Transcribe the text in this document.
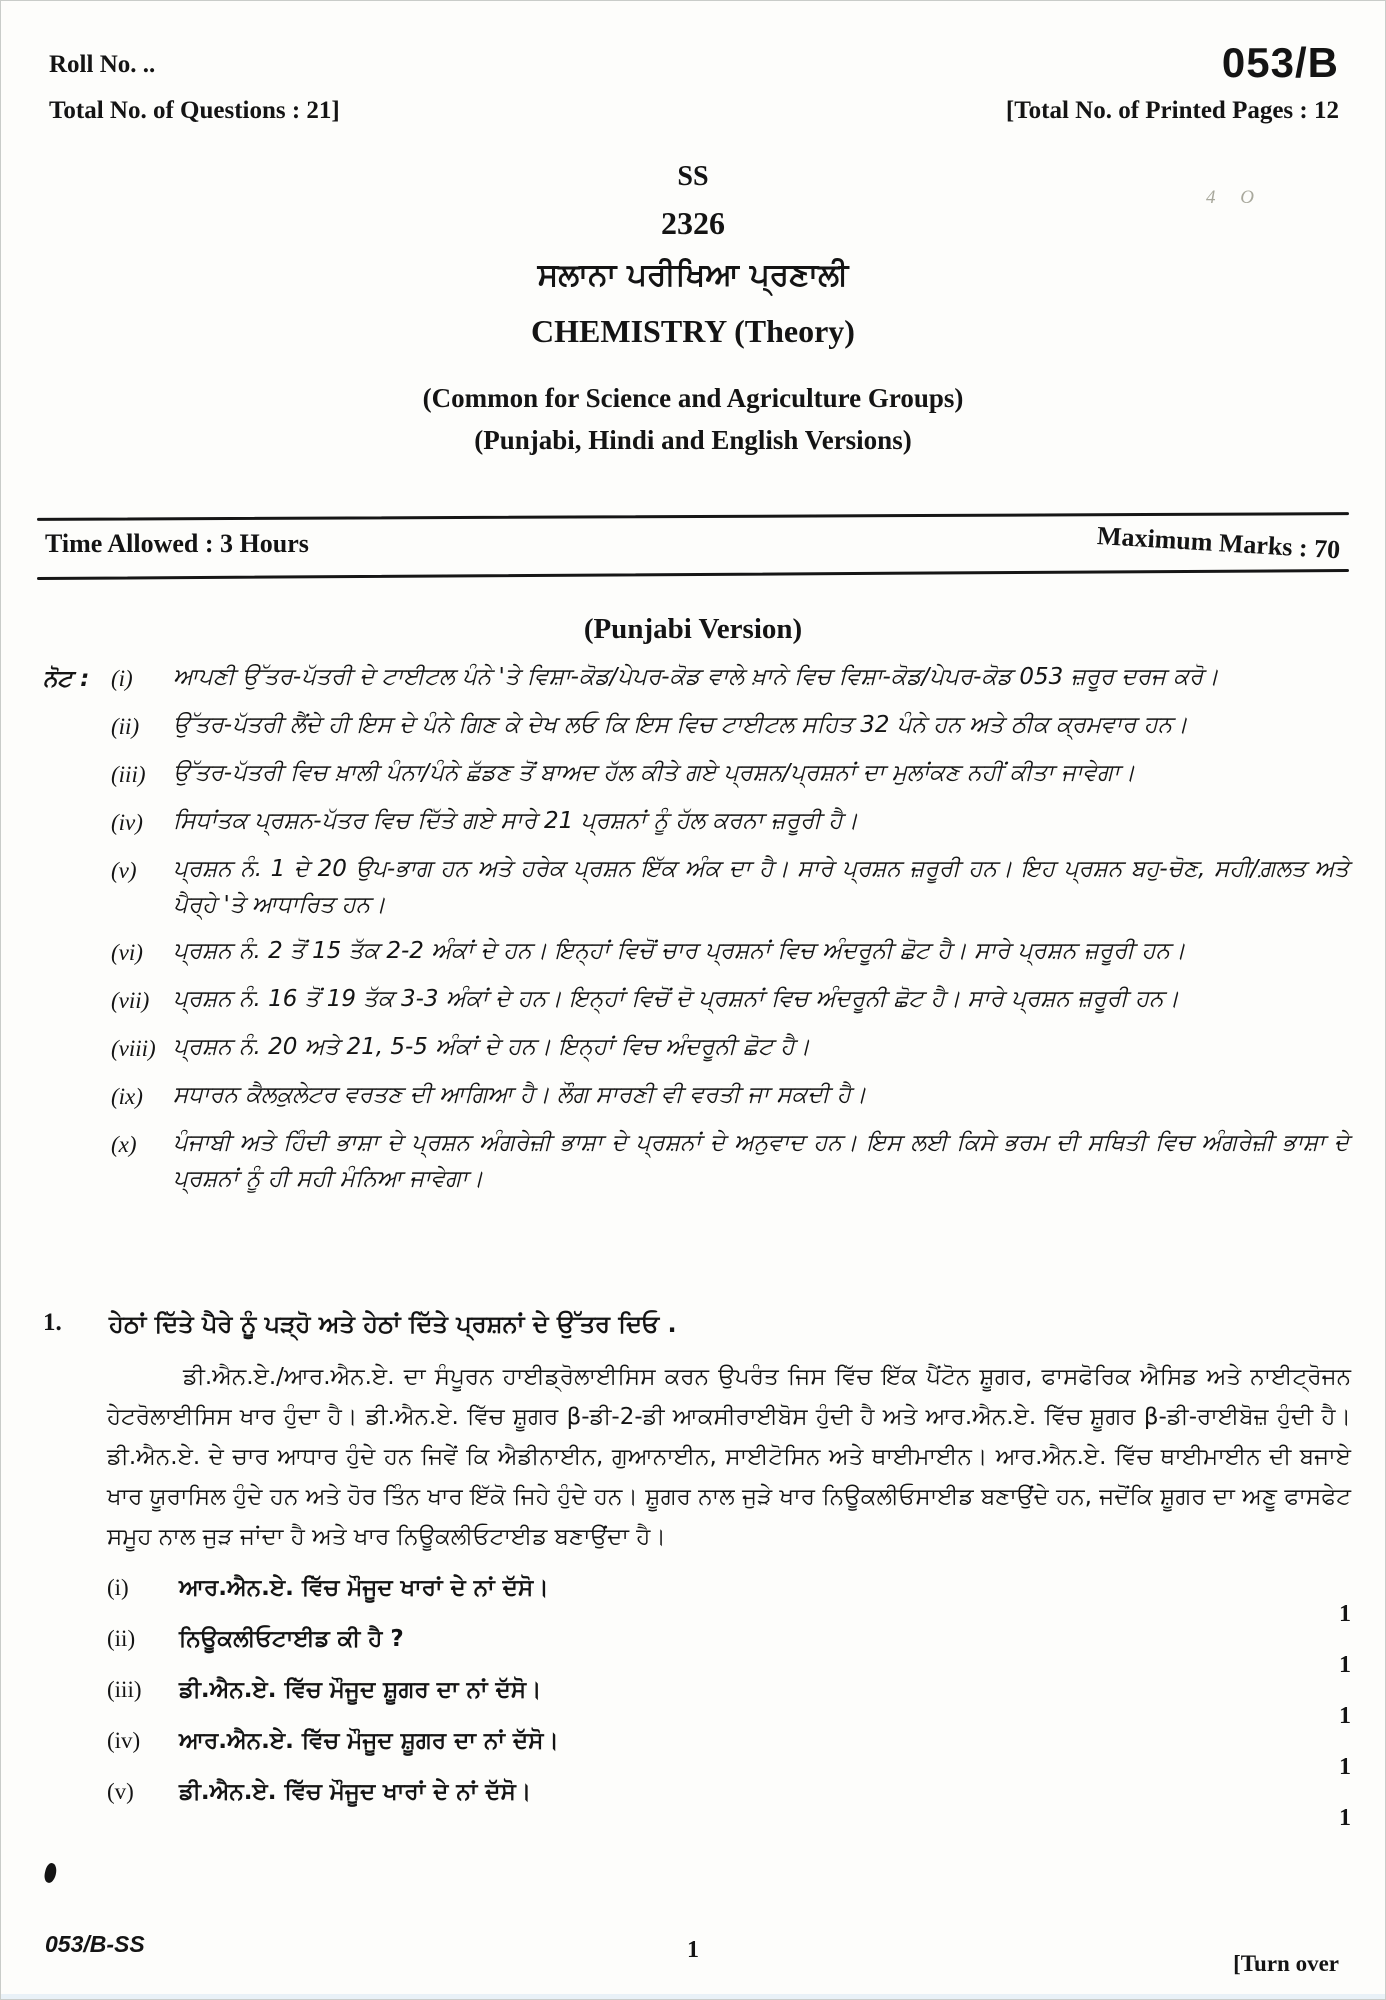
Roll No. ..
Total No. of Questions : 21]
053/B
[Total No. of Printed Pages : 12
4 O
SS
2326
ਸਲਾਨਾ ਪਰੀਖਿਆ ਪ੍ਰਣਾਲੀ
CHEMISTRY (Theory)
(Common for Science and Agriculture Groups)
(Punjabi, Hindi and English Versions)
Time Allowed : 3 Hours	Maximum Marks : 70
(Punjabi Version)
ਨੋਟ : (i)	ਆਪਣੀ ਉੱਤਰ-ਪੱਤਰੀ ਦੇ ਟਾਈਟਲ ਪੰਨੇ 'ਤੇ ਵਿਸ਼ਾ-ਕੋਡ/ਪੇਪਰ-ਕੋਡ ਵਾਲੇ ਖ਼ਾਨੇ ਵਿਚ ਵਿਸ਼ਾ-ਕੋਡ/ਪੇਪਰ-ਕੋਡ 053 ਜ਼ਰੂਰ ਦਰਜ ਕਰੋ।
(ii)	ਉੱਤਰ-ਪੱਤਰੀ ਲੈਂਦੇ ਹੀ ਇਸ ਦੇ ਪੰਨੇ ਗਿਣ ਕੇ ਦੇਖ ਲਓ ਕਿ ਇਸ ਵਿਚ ਟਾਈਟਲ ਸਹਿਤ 32 ਪੰਨੇ ਹਨ ਅਤੇ ਠੀਕ ਕ੍ਰਮਵਾਰ ਹਨ।
(iii)	ਉੱਤਰ-ਪੱਤਰੀ ਵਿਚ ਖ਼ਾਲੀ ਪੰਨਾ/ਪੰਨੇ ਛੱਡਣ ਤੋਂ ਬਾਅਦ ਹੱਲ ਕੀਤੇ ਗਏ ਪ੍ਰਸ਼ਨ/ਪ੍ਰਸ਼ਨਾਂ ਦਾ ਮੁਲਾਂਕਣ ਨਹੀਂ ਕੀਤਾ ਜਾਵੇਗਾ।
(iv)	ਸਿਧਾਂਤਕ ਪ੍ਰਸ਼ਨ-ਪੱਤਰ ਵਿਚ ਦਿੱਤੇ ਗਏ ਸਾਰੇ 21 ਪ੍ਰਸ਼ਨਾਂ ਨੂੰ ਹੱਲ ਕਰਨਾ ਜ਼ਰੂਰੀ ਹੈ।
(v)	ਪ੍ਰਸ਼ਨ ਨੰ. 1 ਦੇ 20 ਉਪ-ਭਾਗ ਹਨ ਅਤੇ ਹਰੇਕ ਪ੍ਰਸ਼ਨ ਇੱਕ ਅੰਕ ਦਾ ਹੈ। ਸਾਰੇ ਪ੍ਰਸ਼ਨ ਜ਼ਰੂਰੀ ਹਨ। ਇਹ ਪ੍ਰਸ਼ਨ ਬਹੁ-ਚੋਣ, ਸਹੀ/ਗ਼ਲਤ ਅਤੇ ਪੈਰ੍ਹੇ 'ਤੇ ਆਧਾਰਿਤ ਹਨ।
(vi)	ਪ੍ਰਸ਼ਨ ਨੰ. 2 ਤੋਂ 15 ਤੱਕ 2-2 ਅੰਕਾਂ ਦੇ ਹਨ। ਇਨ੍ਹਾਂ ਵਿਚੋਂ ਚਾਰ ਪ੍ਰਸ਼ਨਾਂ ਵਿਚ ਅੰਦਰੂਨੀ ਛੋਟ ਹੈ। ਸਾਰੇ ਪ੍ਰਸ਼ਨ ਜ਼ਰੂਰੀ ਹਨ।
(vii)	ਪ੍ਰਸ਼ਨ ਨੰ. 16 ਤੋਂ 19 ਤੱਕ 3-3 ਅੰਕਾਂ ਦੇ ਹਨ। ਇਨ੍ਹਾਂ ਵਿਚੋਂ ਦੋ ਪ੍ਰਸ਼ਨਾਂ ਵਿਚ ਅੰਦਰੂਨੀ ਛੋਟ ਹੈ। ਸਾਰੇ ਪ੍ਰਸ਼ਨ ਜ਼ਰੂਰੀ ਹਨ।
(viii) ਪ੍ਰਸ਼ਨ ਨੰ. 20 ਅਤੇ 21, 5-5 ਅੰਕਾਂ ਦੇ ਹਨ। ਇਨ੍ਹਾਂ ਵਿਚ ਅੰਦਰੂਨੀ ਛੋਟ ਹੈ।
(ix)	ਸਧਾਰਨ ਕੈਲਕੁਲੇਟਰ ਵਰਤਣ ਦੀ ਆਗਿਆ ਹੈ। ਲੌਗ ਸਾਰਣੀ ਵੀ ਵਰਤੀ ਜਾ ਸਕਦੀ ਹੈ।
(x)	ਪੰਜਾਬੀ ਅਤੇ ਹਿੰਦੀ ਭਾਸ਼ਾ ਦੇ ਪ੍ਰਸ਼ਨ ਅੰਗਰੇਜ਼ੀ ਭਾਸ਼ਾ ਦੇ ਪ੍ਰਸ਼ਨਾਂ ਦੇ ਅਨੁਵਾਦ ਹਨ। ਇਸ ਲਈ ਕਿਸੇ ਭਰਮ ਦੀ ਸਥਿਤੀ ਵਿਚ ਅੰਗਰੇਜ਼ੀ ਭਾਸ਼ਾ ਦੇ ਪ੍ਰਸ਼ਨਾਂ ਨੂੰ ਹੀ ਸਹੀ ਮੰਨਿਆ ਜਾਵੇਗਾ।
1.	ਹੇਠਾਂ ਦਿੱਤੇ ਪੈਰੇ ਨੂੰ ਪੜ੍ਹੋ ਅਤੇ ਹੇਠਾਂ ਦਿੱਤੇ ਪ੍ਰਸ਼ਨਾਂ ਦੇ ਉੱਤਰ ਦਿਓ .
ਡੀ.ਐਨ.ਏ./ਆਰ.ਐਨ.ਏ. ਦਾ ਸੰਪੂਰਨ ਹਾਈਡ੍ਰੋਲਾਈਸਿਸ ਕਰਨ ਉਪਰੰਤ ਜਿਸ ਵਿੱਚ ਇੱਕ ਪੈਂਟੋਨ ਸ਼ੂਗਰ, ਫਾਸਫੋਰਿਕ ਐਸਿਡ ਅਤੇ ਨਾਈਟ੍ਰੋਜਨ ਹੇਟਰੋਲਾਈਸਿਸ ਖਾਰ ਹੁੰਦਾ ਹੈ। ਡੀ.ਐਨ.ਏ. ਵਿੱਚ ਸ਼ੂਗਰ β-ਡੀ-2-ਡੀ ਆਕਸੀਰਾਈਬੋਸ ਹੁੰਦੀ ਹੈ ਅਤੇ ਆਰ.ਐਨ.ਏ. ਵਿੱਚ ਸ਼ੂਗਰ β-ਡੀ-ਰਾਈਬੋਜ਼ ਹੁੰਦੀ ਹੈ। ਡੀ.ਐਨ.ਏ. ਦੇ ਚਾਰ ਆਧਾਰ ਹੁੰਦੇ ਹਨ ਜਿਵੇਂ ਕਿ ਐਡੀਨਾਈਨ, ਗੁਆਨਾਈਨ, ਸਾਈਟੋਸਿਨ ਅਤੇ ਥਾਈਮਾਈਨ। ਆਰ.ਐਨ.ਏ. ਵਿੱਚ ਥਾਈਮਾਈਨ ਦੀ ਬਜਾਏ ਖਾਰ ਯੂਰਾਸਿਲ ਹੁੰਦੇ ਹਨ ਅਤੇ ਹੋਰ ਤਿੰਨ ਖਾਰ ਇੱਕੋ ਜਿਹੇ ਹੁੰਦੇ ਹਨ। ਸ਼ੂਗਰ ਨਾਲ ਜੁੜੇ ਖਾਰ ਨਿਊਕਲੀਓਸਾਈਡ ਬਣਾਉਂਦੇ ਹਨ, ਜਦੋਂਕਿ ਸ਼ੂਗਰ ਦਾ ਅਣੂ ਫਾਸਫੇਟ ਸਮੂਹ ਨਾਲ ਜੁੜ ਜਾਂਦਾ ਹੈ ਅਤੇ ਖਾਰ ਨਿਊਕਲੀਓਟਾਈਡ ਬਣਾਉਂਦਾ ਹੈ।
(i)	ਆਰ.ਐਨ.ਏ. ਵਿੱਚ ਮੌਜੂਦ ਖਾਰਾਂ ਦੇ ਨਾਂ ਦੱਸੋ।
1
(ii)	ਨਿਊਕਲੀਓਟਾਈਡ ਕੀ ਹੈ ?
1
(iii)	ਡੀ.ਐਨ.ਏ. ਵਿੱਚ ਮੌਜੂਦ ਸ਼ੂਗਰ ਦਾ ਨਾਂ ਦੱਸੋ।
1
(iv)	ਆਰ.ਐਨ.ਏ. ਵਿੱਚ ਮੌਜੂਦ ਸ਼ੂਗਰ ਦਾ ਨਾਂ ਦੱਸੋ।
1
(v)	ਡੀ.ਐਨ.ਏ. ਵਿੱਚ ਮੌਜੂਦ ਖਾਰਾਂ ਦੇ ਨਾਂ ਦੱਸੋ।
1
053/B-SS	1
[Turn over
